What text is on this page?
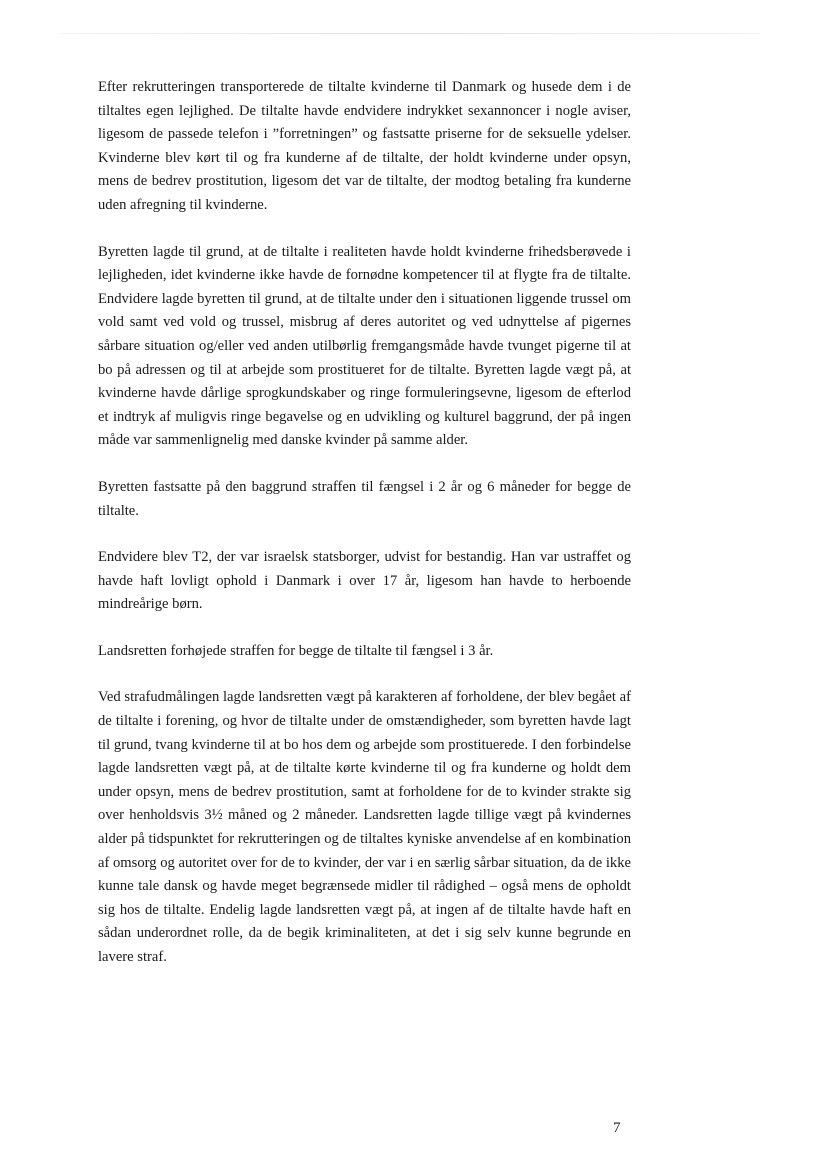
Efter rekrutteringen transporterede de tiltalte kvinderne til Danmark og husede dem i de tiltaltes egen lejlighed. De tiltalte havde endvidere indrykket sexannoncer i nogle aviser, ligesom de passede telefon i ”forretningen” og fastsatte priserne for de seksuelle ydelser. Kvinderne blev kørt til og fra kunderne af de tiltalte, der holdt kvinderne under opsyn, mens de bedrev prostitution, ligesom det var de tiltalte, der modtog betaling fra kunderne uden afregning til kvinderne.

Byretten lagde til grund, at de tiltalte i realiteten havde holdt kvinderne frihedsberøvede i lejligheden, idet kvinderne ikke havde de fornødne kompetencer til at flygte fra de tiltalte. Endvidere lagde byretten til grund, at de tiltalte under den i situationen liggende trussel om vold samt ved vold og trussel, misbrug af deres autoritet og ved udnyttelse af pigernes sårbare situation og/eller ved anden utilbørlig fremgangsmåde havde tvunget pigerne til at bo på adressen og til at arbejde som prostitueret for de tiltalte. Byretten lagde vægt på, at kvinderne havde dårlige sprogkundskaber og ringe formuleringsevne, ligesom de efterlod et indtryk af muligvis ringe begavelse og en udvikling og kulturel baggrund, der på ingen måde var sammenlignelig med danske kvinder på samme alder.

Byretten fastsatte på den baggrund straffen til fængsel i 2 år og 6 måneder for begge de tiltalte.

Endvidere blev T2, der var israelsk statsborger, udvist for bestandig. Han var ustraffet og havde haft lovligt ophold i Danmark i over 17 år, ligesom han havde to herboende mindreårige børn.

Landsretten forhøjede straffen for begge de tiltalte til fængsel i 3 år.

Ved strafudmålingen lagde landsretten vægt på karakteren af forholdene, der blev begået af de tiltalte i forening, og hvor de tiltalte under de omstændigheder, som byretten havde lagt til grund, tvang kvinderne til at bo hos dem og arbejde som prostituerede. I den forbindelse lagde landsretten vægt på, at de tiltalte kørte kvinderne til og fra kunderne og holdt dem under opsyn, mens de bedrev prostitution, samt at forholdene for de to kvinder strakte sig over henholdsvis 3½ måned og 2 måneder. Landsretten lagde tillige vægt på kvindernes alder på tidspunktet for rekrutteringen og de tiltaltes kyniske anvendelse af en kombination af omsorg og autoritet over for de to kvinder, der var i en særlig sårbar situation, da de ikke kunne tale dansk og havde meget begrænsede midler til rådighed – også mens de opholdt sig hos de tiltalte. Endelig lagde landsretten vægt på, at ingen af de tiltalte havde haft en sådan underordnet rolle, da de begik kriminaliteten, at det i sig selv kunne begrunde en lavere straf.

7
